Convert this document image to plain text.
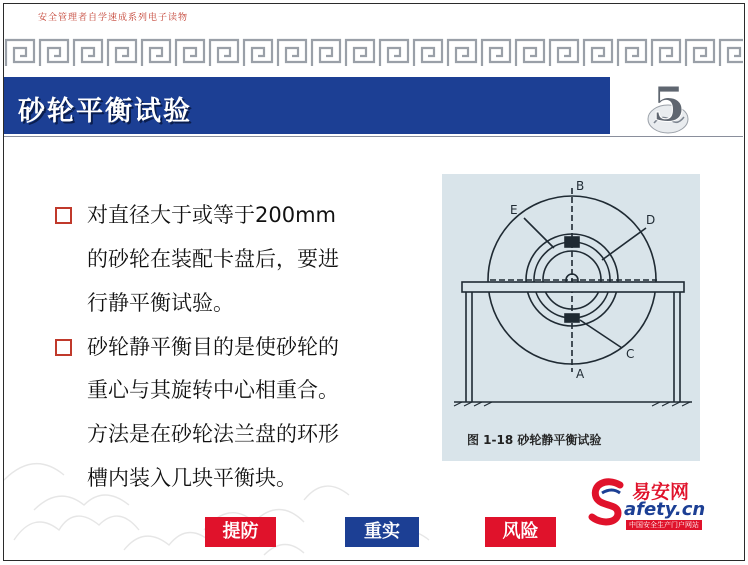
安全管理者自学速成系列电子读物
砂轮平衡试验	5
对直径大于或等于200mm
的砂轮在装配卡盘后，要进
行静平衡试验。
砂轮静平衡目的是使砂轮的
重心与其旋转中心相重合。
方法是在砂轮法兰盘的环形
槽内装入几块平衡块。
B
E
D
C
A
图 1-18 砂轮静平衡试验
提防	重实	风险
易安网
afety.cn
中国安全生产门户网站
